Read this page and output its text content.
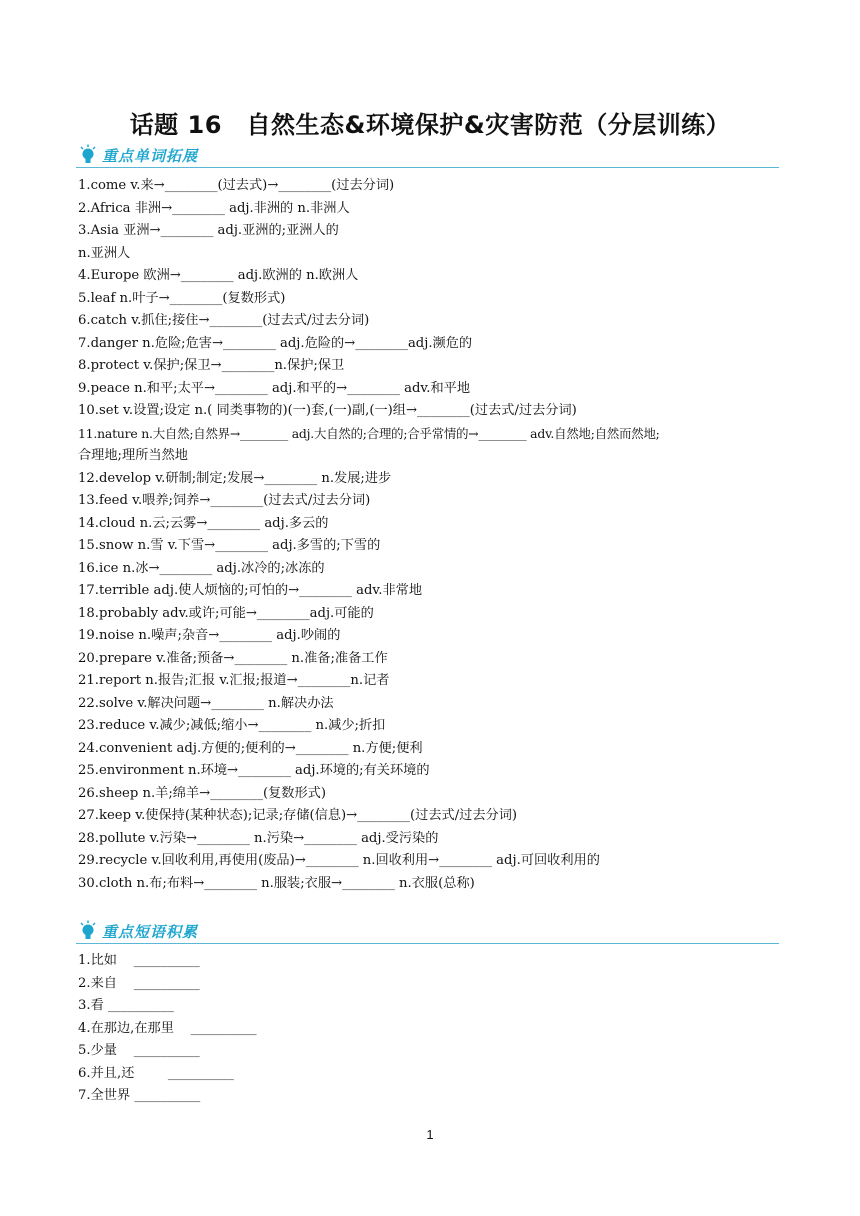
话题 16　自然生态&环境保护&灾害防范（分层训练）
重点单词拓展
1.come v.来→________(过去式)→________(过去分词)
2.Africa 非洲→________ adj.非洲的 n.非洲人
3.Asia 亚洲→________ adj.亚洲的;亚洲人的
n.亚洲人
4.Europe 欧洲→________ adj.欧洲的 n.欧洲人
5.leaf n.叶子→________(复数形式)
6.catch v.抓住;接住→________(过去式/过去分词)
7.danger n.危险;危害→________ adj.危险的→________adj.濒危的
8.protect v.保护;保卫→________n.保护;保卫
9.peace n.和平;太平→________ adj.和平的→________ adv.和平地
10.set v.设置;设定 n.( 同类事物的)(一)套,(一)副,(一)组→________(过去式/过去分词)
11.nature n.大自然;自然界→________ adj.大自然的;合理的;合乎常情的→________ adv.自然地;自然而然地;
合理地;理所当然地
12.develop v.研制;制定;发展→________ n.发展;进步
13.feed v.喂养;饲养→________(过去式/过去分词)
14.cloud n.云;云雾→________ adj.多云的
15.snow n.雪 v.下雪→________ adj.多雪的;下雪的
16.ice n.冰→________ adj.冰冷的;冰冻的
17.terrible adj.使人烦恼的;可怕的→________ adv.非常地
18.probably adv.或许;可能→________adj.可能的
19.noise n.噪声;杂音→________ adj.吵闹的
20.prepare v.准备;预备→________ n.准备;准备工作
21.report n.报告;汇报 v.汇报;报道→________n.记者
22.solve v.解决问题→________ n.解决办法
23.reduce v.减少;减低;缩小→________ n.减少;折扣
24.convenient adj.方便的;便利的→________ n.方便;便利
25.environment n.环境→________ adj.环境的;有关环境的
26.sheep n.羊;绵羊→________(复数形式)
27.keep v.使保持(某种状态);记录;存储(信息)→________(过去式/过去分词)
28.pollute v.污染→________ n.污染→________ adj.受污染的
29.recycle v.回收利用,再使用(废品)→________ n.回收利用→________ adj.可回收利用的
30.cloth n.布;布料→________ n.服装;衣服→________ n.衣服(总称)
重点短语积累
1.比如    __________
2.来自    __________
3.看 __________
4.在那边,在那里    __________
5.少量    __________
6.并且,还        __________
7.全世界 __________
1
